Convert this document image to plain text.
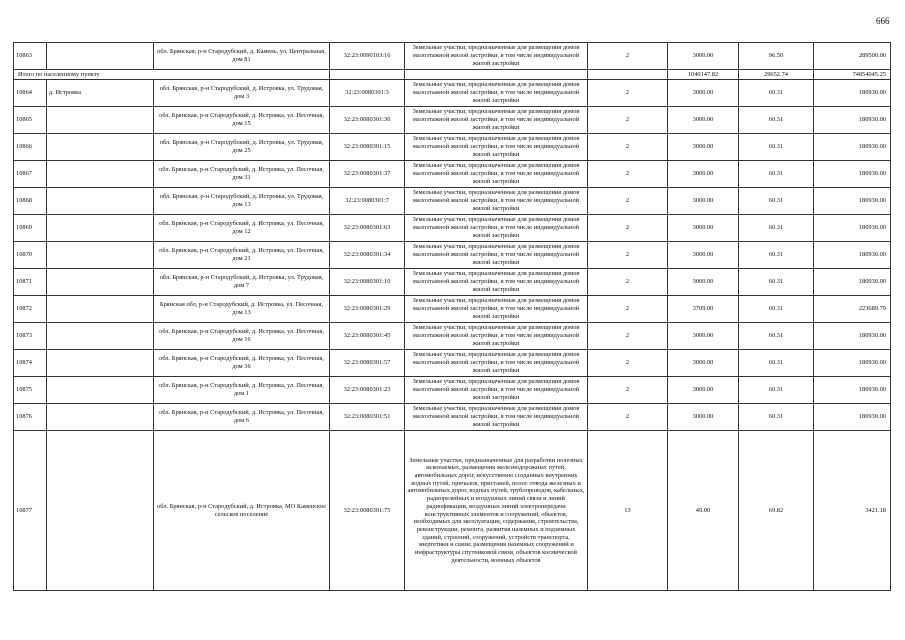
666
10863		обл. Брянская, р-н Стародубский, д. Камень, ул. Центральная, дом 81	32:23:0090103:16	Земельные участки, предназначенные для размещения домов малоэтажной жилой застройки, в том числе индивидуальной жилой застройки	2	3000.00	96.50	289500.00
Итого по населенному пункту						1040147.82	29652.74	74854045.25
10864	д. Истровка	обл. Брянская, р-н Стародубский, д. Истровка, ул. Трудовая, дом 3	32:23:0080301:3	Земельные участки, предназначенные для размещения домов малоэтажной жилой застройки, в том числе индивидуальной жилой застройки	2	3000.00	60.31	180930.00
10865		обл. Брянская, р-н Стародубский, д. Истровка, ул. Песочная, дом 15	32:23:0080301:30	Земельные участки, предназначенные для размещения домов малоэтажной жилой застройки, в том числе индивидуальной жилой застройки	2	3000.00	60.31	180930.00
10866		обл. Брянская, р-н Стародубский, д. Истровка, ул. Трудовая, дом 25	32:23:0080301:15	Земельные участки, предназначенные для размещения домов малоэтажной жилой застройки, в том числе индивидуальной жилой застройки	2	3000.00	60.31	180930.00
10867		обл. Брянская, р-н Стародубский, д. Истровка, ул. Песочная, дом 31	32:23:0080301:37	Земельные участки, предназначенные для размещения домов малоэтажной жилой застройки, в том числе индивидуальной жилой застройки	2	3000.00	60.31	180930.00
10868		обл. Брянская, р-н Стародубский, д. Истровка, ул. Трудовая, дом 13	32:23:0080301:7	Земельные участки, предназначенные для размещения домов малоэтажной жилой застройки, в том числе индивидуальной жилой застройки	2	3000.00	60.31	180930.00
10869		обл. Брянская, р-н Стародубский, д. Истровка, ул. Песочная, дом 12	32:23:0080301:63	Земельные участки, предназначенные для размещения домов малоэтажной жилой застройки, в том числе индивидуальной жилой застройки	2	3000.00	60.31	180930.00
10870		обл. Брянская, р-н Стародубский, д. Истровка, ул. Песочная, дом 21	32:23:0080301:34	Земельные участки, предназначенные для размещения домов малоэтажной жилой застройки, в том числе индивидуальной жилой застройки	2	3000.00	60.31	180930.00
10871		обл. Брянская, р-н Стародубский, д. Истровка, ул. Трудовая, дом 7	32:23:0080301:10	Земельные участки, предназначенные для размещения домов малоэтажной жилой застройки, в том числе индивидуальной жилой застройки	2	3000.00	60.31	180930.00
10872		Брянская обл, р-н Стародубский, д. Истровка, ул. Песочная, дом 13	32:23:0080301:29	Земельные участки, предназначенные для размещения домов малоэтажной жилой застройки, в том числе индивидуальной жилой застройки	2	3709.00	60.31	223689.79
10873		обл. Брянская, р-н Стародубский, д. Истровка, ул. Песочная, дом 16	32:23:0080301:45	Земельные участки, предназначенные для размещения домов малоэтажной жилой застройки, в том числе индивидуальной жилой застройки	2	3000.00	60.31	180930.00
10874		обл. Брянская, р-н Стародубский, д. Истровка, ул. Песочная, дом 36	32:23:0080301:57	Земельные участки, предназначенные для размещения домов малоэтажной жилой застройки, в том числе индивидуальной жилой застройки	2	3000.00	60.31	180930.00
10875		обл. Брянская, р-н Стародубский, д. Истровка, ул. Песочная, дом 1	32:23:0080301:23	Земельные участки, предназначенные для размещения домов малоэтажной жилой застройки, в том числе индивидуальной жилой застройки	2	3000.00	60.31	180930.00
10876		обл. Брянская, р-н Стародубский, д. Истровка, ул. Песочная, дом 6	32:23:0080301:51	Земельные участки, предназначенные для размещения домов малоэтажной жилой застройки, в том числе индивидуальной жилой застройки	2	3000.00	60.31	180930.00
10877		обл. Брянская, р-н Стародубский, д. Истровка, МО Каменское сельское поселение	32:23:0080301:75	Земельные участки, предназначенные для разработки полезных ископаемых, размещения железнодорожных путей, автомобильных дорог, искусственно созданных внутренних водных путей, причалов, пристаней, полос отвода железных и автомобильных дорог, водных путей, трубопроводов, кабельных, радиорелейных и воздушных линий связи и линий радиофикации, воздушных линий электропередачи конструктивных элементов и сооружений, объектов, необходимых для эксплуатации, содержания, строительства, реконструкции, ремонта, развития наземных и подземных зданий, строений, сооружений, устройств транспорта, энергетики и связи; размещения наземных сооружений и инфраструктуры спутниковой связи, объектов космической деятельности, военных объектов	13	49.00	69.82	3421.18
